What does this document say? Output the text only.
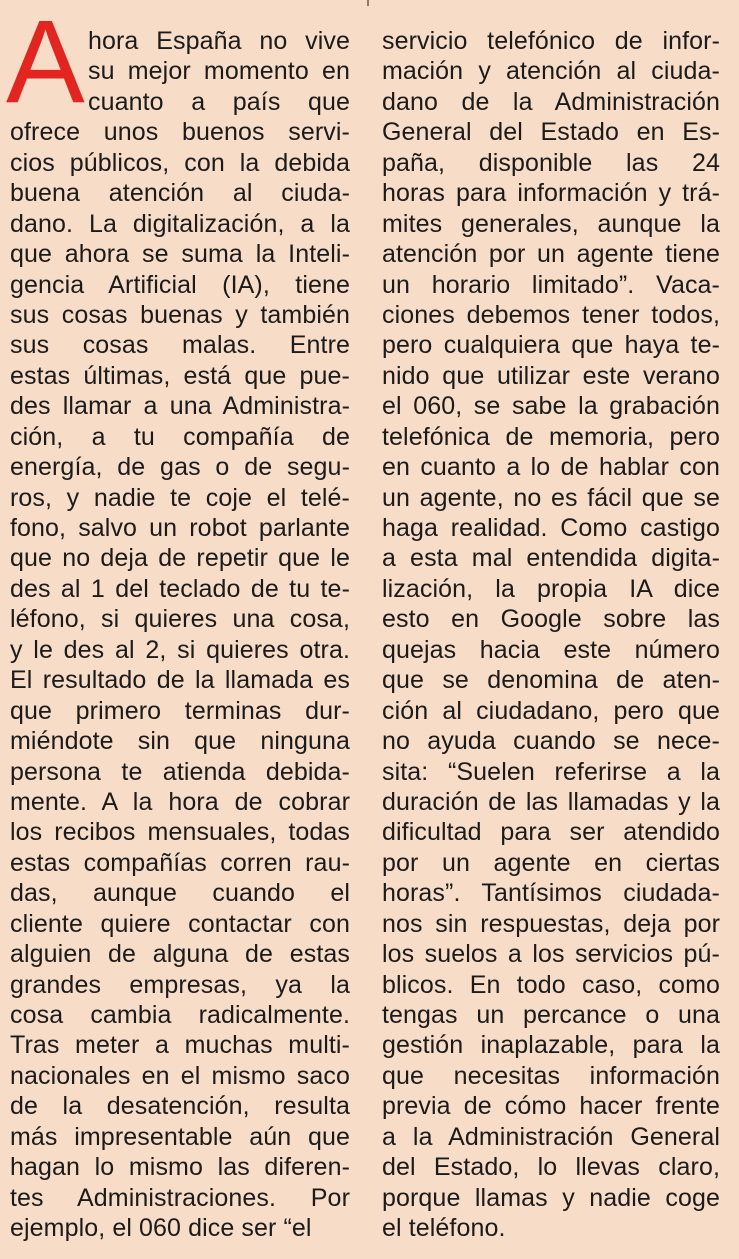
A hora España no vive
su mejor momento en
cuanto a país que
ofrece unos buenos servi-
cios públicos, con la debida
buena atención al ciuda-
dano. La digitalización, a la
que ahora se suma la Inteli-
gencia Artificial (IA), tiene
sus cosas buenas y también
sus cosas malas. Entre
estas últimas, está que pue-
des llamar a una Administra-
ción, a tu compañía de
energía, de gas o de segu-
ros, y nadie te coje el telé-
fono, salvo un robot parlante
que no deja de repetir que le
des al 1 del teclado de tu te-
léfono, si quieres una cosa,
y le des al 2, si quieres otra.
El resultado de la llamada es
que primero terminas dur-
miéndote sin que ninguna
persona te atienda debida-
mente. A la hora de cobrar
los recibos mensuales, todas
estas compañías corren rau-
das, aunque cuando el
cliente quiere contactar con
alguien de alguna de estas
grandes empresas, ya la
cosa cambia radicalmente.
Tras meter a muchas multi-
nacionales en el mismo saco
de la desatención, resulta
más impresentable aún que
hagan lo mismo las diferen-
tes Administraciones. Por
ejemplo, el 060 dice ser “el
servicio telefónico de infor-
mación y atención al ciuda-
dano de la Administración
General del Estado en Es-
paña, disponible las 24
horas para información y trá-
mites generales, aunque la
atención por un agente tiene
un horario limitado”. Vaca-
ciones debemos tener todos,
pero cualquiera que haya te-
nido que utilizar este verano
el 060, se sabe la grabación
telefónica de memoria, pero
en cuanto a lo de hablar con
un agente, no es fácil que se
haga realidad. Como castigo
a esta mal entendida digita-
lización, la propia IA dice
esto en Google sobre las
quejas hacia este número
que se denomina de aten-
ción al ciudadano, pero que
no ayuda cuando se nece-
sita: “Suelen referirse a la
duración de las llamadas y la
dificultad para ser atendido
por un agente en ciertas
horas”. Tantísimos ciudada-
nos sin respuestas, deja por
los suelos a los servicios pú-
blicos. En todo caso, como
tengas un percance o una
gestión inaplazable, para la
que necesitas información
previa de cómo hacer frente
a la Administración General
del Estado, lo llevas claro,
porque llamas y nadie coge
el teléfono.
